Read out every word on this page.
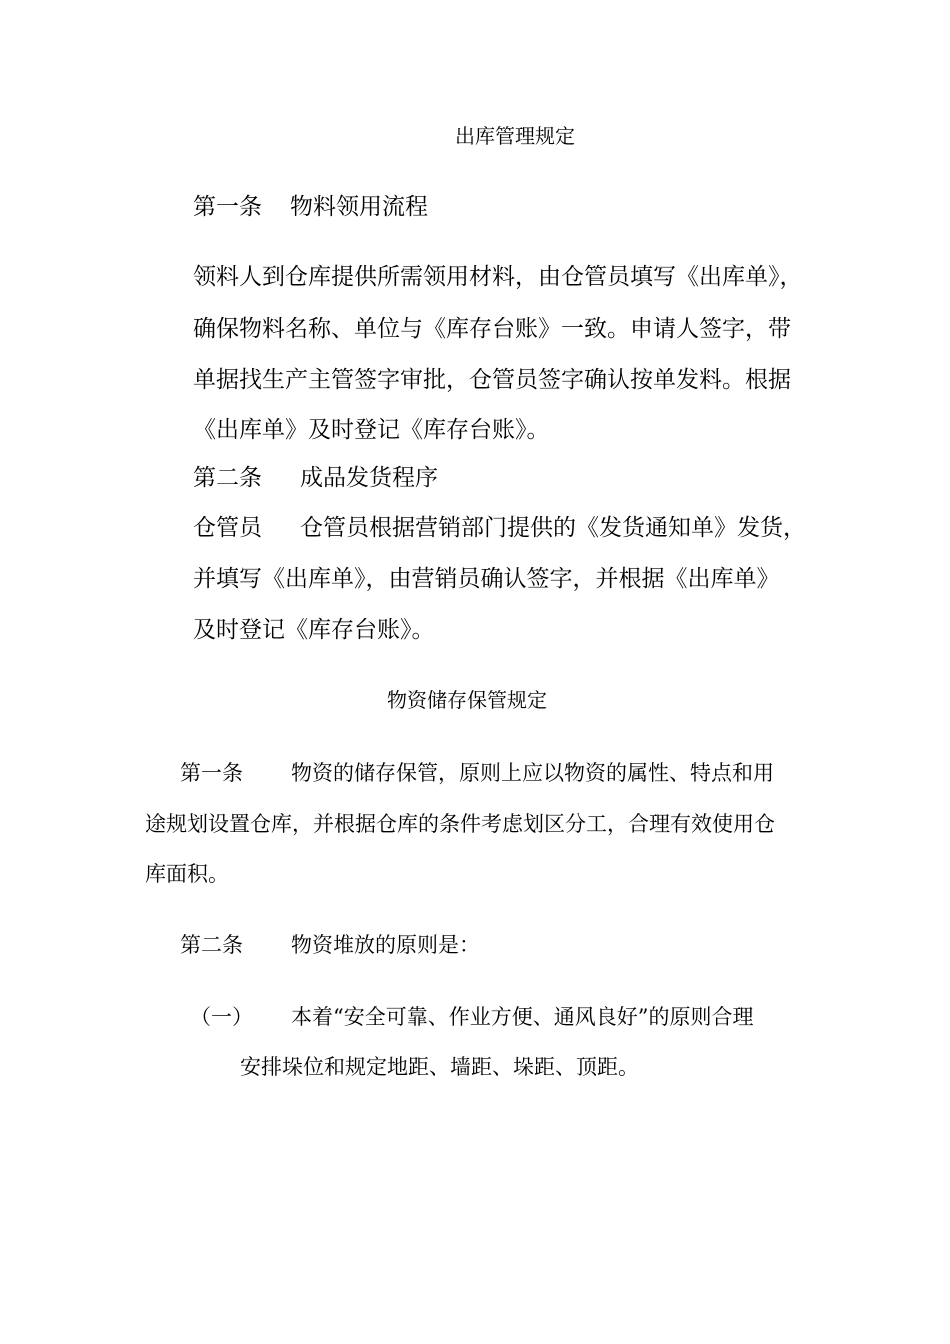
出库管理规定
第一条 物料领用流程
领料人到仓库提供所需领用材料，由仓管员填写《出库单》，
确保物料名称、单位与《库存台账》一致。申请人签字，带
单据找生产主管签字审批，仓管员签字确认按单发料。根据
《出库单》及时登记《库存台账》。
第二条 成品发货程序
仓管员 仓管员根据营销部门提供的《发货通知单》发货，
并填写《出库单》，由营销员确认签字，并根据《出库单》
及时登记《库存台账》。
物资储存保管规定
第一条 物资的储存保管，原则上应以物资的属性、特点和用
途规划设置仓库，并根据仓库的条件考虑划区分工，合理有效使用仓
库面积。
第二条 物资堆放的原则是：
（一） 本着“安全可靠、作业方便、通风良好”的原则合理
安排垛位和规定地距、墙距、垛距、顶距。
